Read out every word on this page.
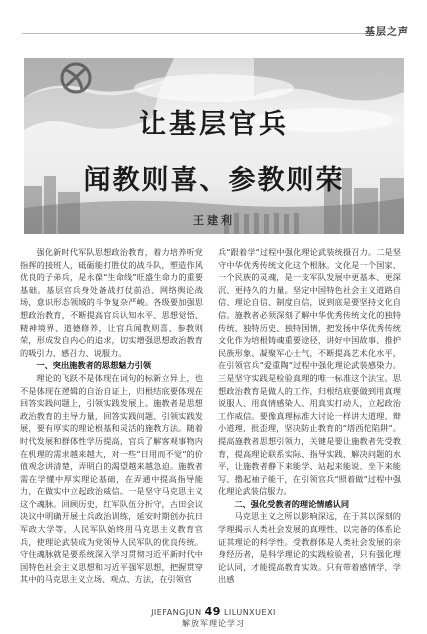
基层之声
让基层官兵
闻教则喜、参教则荣
王建利

强化新时代军队思想政治教育，着力培养听党指挥的接班人，砥砺能打胜仗的战斗队，塑造作风优良的子弟兵，是永葆“生命线”旺盛生命力的重要基础。基层官兵身处备战打仗前沿、网络舆论战场，意识形态领域的斗争复杂严峻。各级要加强思想政治教育，不断提高官兵认知水平、思想觉悟、精神境界、道德修养，让官兵闻教则喜、参教则荣，形成发自内心的追求，切实增强思想政治教育的吸引力、感召力、说服力。

一、突出施教者的思想魅力引领

理论的飞跃不是体现在词句的标新立异上，也不是体现在逻辑的自治自证上，归根结底要体现在回答实践问题上，引领实践发展上。施教者是思想政治教育的主导力量，回答实践问题、引领实践发展，要有厚实的理论根基和灵活的施教方法。随着时代发展和群体性学历提高，官兵了解客观事物内在机理的需求越来越大，对一些“日用而不觉”的价值观念讲清楚，弄明白的渴望越来越急迫。施教者需在学懂中厚实理论基础，在弄通中提高指导能力，在做实中立起政治威信。一是坚守马克思主义这个魂脉。回顾历史，红军队伍分折守，古田会议决议中明确开展士兵政治训练，延安时期创办抗日军政大学等，人民军队始终用马克思主义教育官兵，使理论武装成为党领导人民军队的优良传统。守住魂脉就是要系统深入学习贯彻习近平新时代中国特色社会主义思想和习近平强军思想，把握贯穿其中的马克思主义立场、观点、方法，在引领官

兵“跟着学”过程中强化理论武装统摄召力。二是坚守中华优秀传统文化这个根脉。文化是一个国家、一个民族的灵魂，是一支军队发展中更基本、更深沉、更持久的力量。坚定中国特色社会主义道路自信、理论自信、制度自信，说到底是要坚持文化自信。施教者必须深刻了解中华优秀传统文化的独特传统、独特历史、独特国情，把发扬中华优秀传统文化作为培根铸魂重要途径，讲好中国故事、推护民族形象、凝聚军心士气，不断提高艺术化水平，在引领官兵“爱重陶”过程中强化理论武装感染力。三是坚守实践是检验真理的唯一标准这个法宝。思想政治教育是做人的工作，归根结底要做到用真理说服人、用真情感染人、用真实打动人，立起政治工作威信。要像真理标准大讨论一样讲大道理、辩小道理、批歪理，坚决防止教育的“塔西佗陷阱”。提高施教者思想引领力，关键是要让施教者先受教育，提高理论联系实际、指导实践、解决问题的水平，让施教者静下来能学、站起来能说、坐下来能写、撸起袖子能干，在引领官兵“照着做”过程中强化理论武装信服力。

二、强化受教者的理论情感认同

马克思主义之所以影响深远，在于其以深刻的学理揭示人类社会发展的真理性、以完备的体系论证其理论的科学性。受教群体是人类社会发展的亲身经历者，是科学理论的实践检验者，只有强化理论认同，才能提高教育实效。只有带着感情学，学出感

JIEFANGJUN 49 LILUNXUEXI
解放军理论学习
